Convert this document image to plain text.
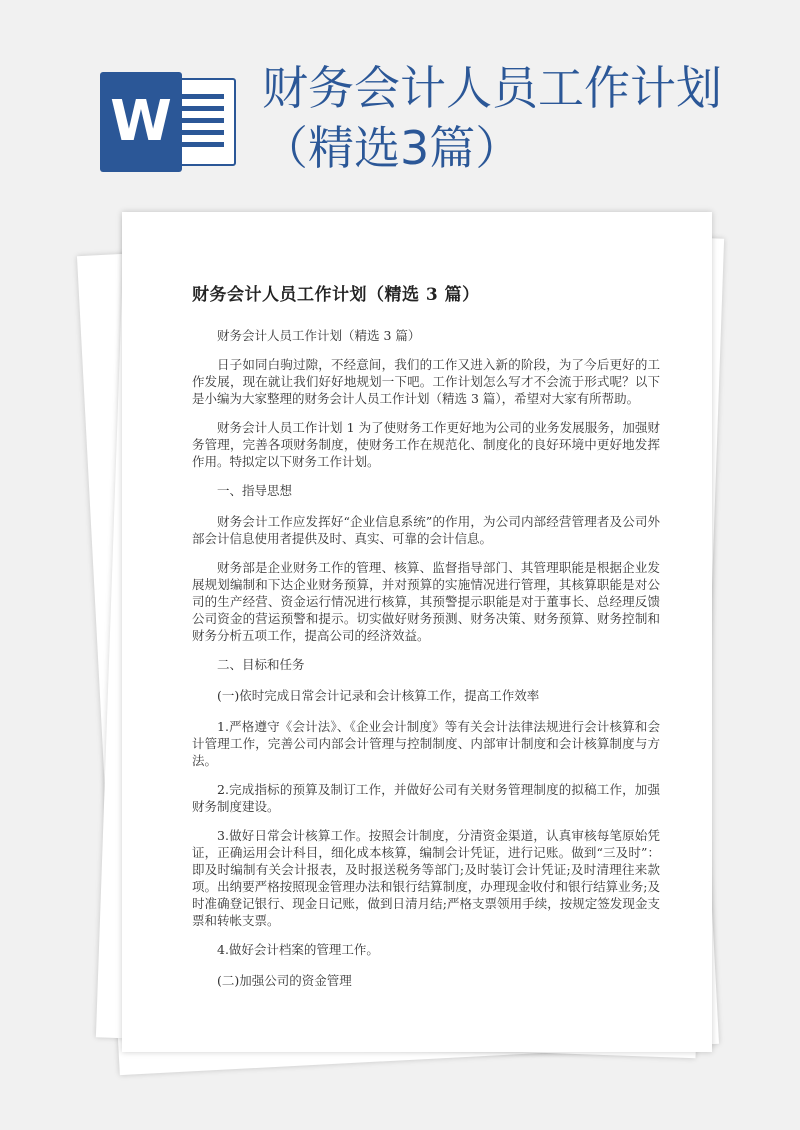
W
财务会计人员工作计划（精选3篇）
财务会计人员工作计划（精选 3 篇）

财务会计人员工作计划（精选 3 篇）

日子如同白驹过隙，不经意间，我们的工作又进入新的阶段，为了今后更好的工作发展，现在就让我们好好地规划一下吧。工作计划怎么写才不会流于形式呢？以下是小编为大家整理的财务会计人员工作计划（精选 3 篇），希望对大家有所帮助。

财务会计人员工作计划 1 为了使财务工作更好地为公司的业务发展服务，加强财务管理，完善各项财务制度，使财务工作在规范化、制度化的良好环境中更好地发挥作用。特拟定以下财务工作计划。

一、指导思想

财务会计工作应发挥好“企业信息系统”的作用，为公司内部经营管理者及公司外部会计信息使用者提供及时、真实、可靠的会计信息。

财务部是企业财务工作的管理、核算、监督指导部门、其管理职能是根据企业发展规划编制和下达企业财务预算，并对预算的实施情况进行管理，其核算职能是对公司的生产经营、资金运行情况进行核算，其预警提示职能是对于董事长、总经理反馈公司资金的营运预警和提示。切实做好财务预测、财务决策、财务预算、财务控制和财务分析五项工作，提高公司的经济效益。

二、目标和任务

(一)依时完成日常会计记录和会计核算工作，提高工作效率

1.严格遵守《会计法》、《企业会计制度》等有关会计法律法规进行会计核算和会计管理工作，完善公司内部会计管理与控制制度、内部审计制度和会计核算制度与方法。

2.完成指标的预算及制订工作，并做好公司有关财务管理制度的拟稿工作，加强财务制度建设。

3.做好日常会计核算工作。按照会计制度，分清资金渠道，认真审核每笔原始凭证，正确运用会计科目，细化成本核算，编制会计凭证，进行记账。做到“三及时”：即及时编制有关会计报表，及时报送税务等部门;及时装订会计凭证;及时清理往来款项。出纳要严格按照现金管理办法和银行结算制度，办理现金收付和银行结算业务;及时准确登记银行、现金日记账，做到日清月结;严格支票领用手续，按规定签发现金支票和转帐支票。

4.做好会计档案的管理工作。

(二)加强公司的资金管理
